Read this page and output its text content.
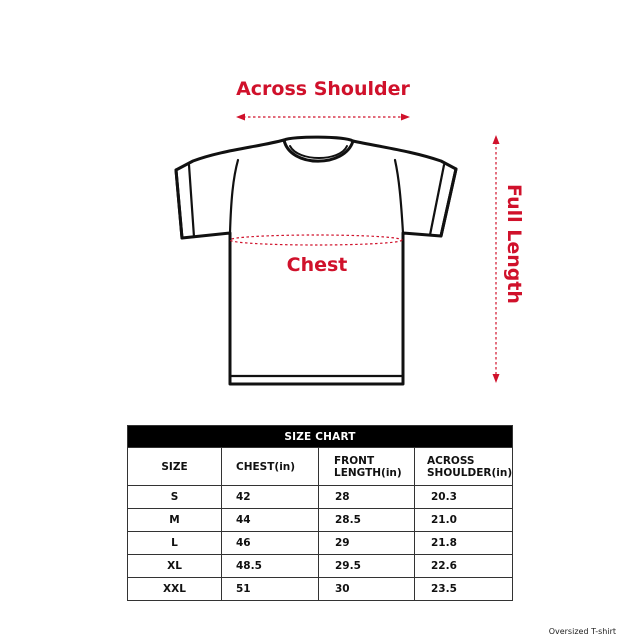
Across Shoulder
Chest	Full Length
SIZE CHART			
SIZE	CHEST(in)	FRONT LENGTH(in)	ACROSS SHOULDER(in)
S	42	28	20.3
M	44	28.5	21.0
L	46	29	21.8
XL	48.5	29.5	22.6
XXL	51	30	23.5
Oversized T-shirt
